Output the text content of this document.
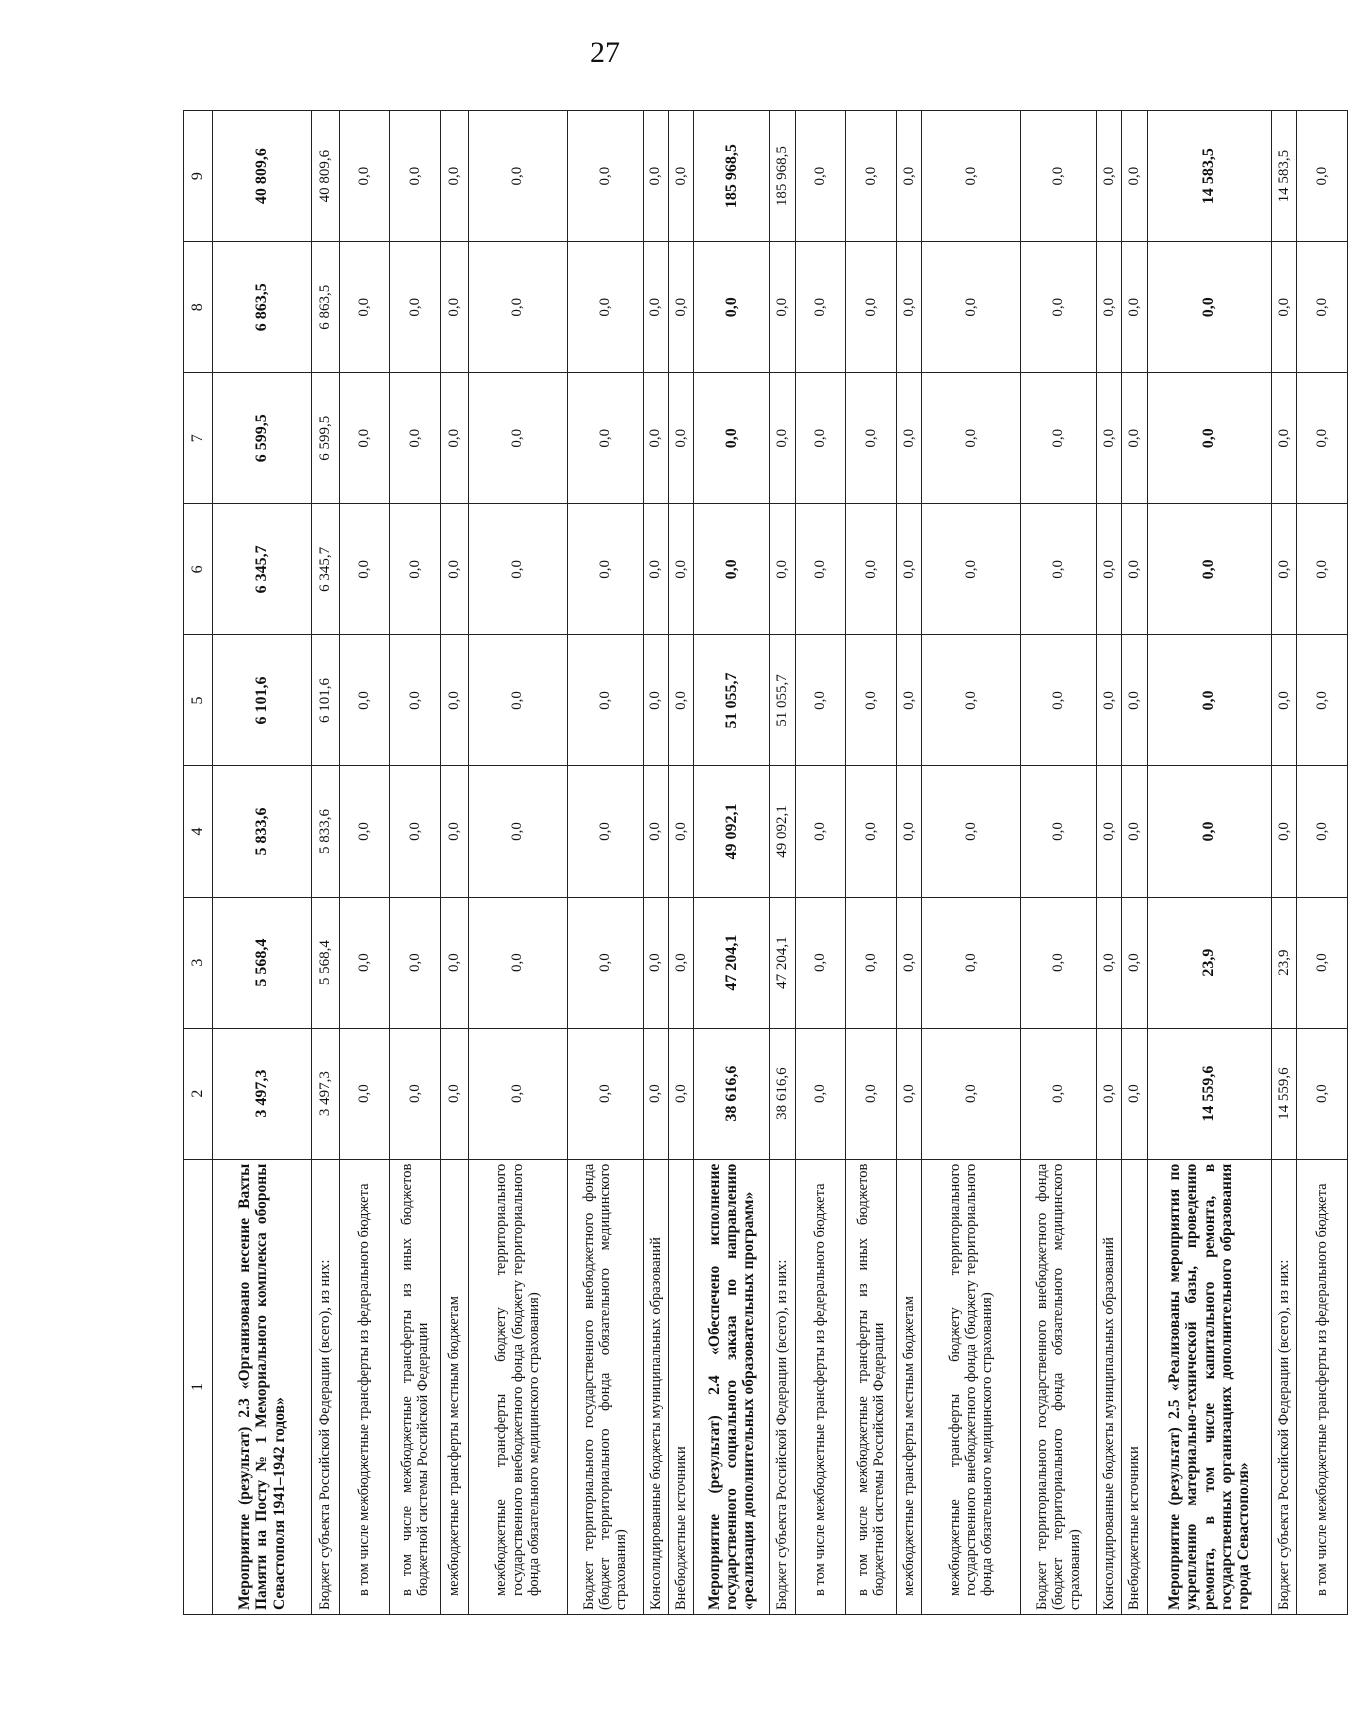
27
1	2	3	4	5	6	7	8	9
Мероприятие (результат) 2.3 «Организовано несение Вахты Памяти на Посту № 1 Мемориального комплекса обороны Севастополя 1941–1942 годов»	3 497,3	5 568,4	5 833,6	6 101,6	6 345,7	6 599,5	6 863,5	40 809,6
Бюджет субъекта Российской Федерации (всего), из них:	3 497,3	5 568,4	5 833,6	6 101,6	6 345,7	6 599,5	6 863,5	40 809,6
в том числе межбюджетные трансферты из федерального бюджета	0,0	0,0	0,0	0,0	0,0	0,0	0,0	0,0
в том числе межбюджетные трансферты из иных бюджетов бюджетной системы Российской Федерации	0,0	0,0	0,0	0,0	0,0	0,0	0,0	0,0
межбюджетные трансферты местным бюджетам	0,0	0,0	0,0	0,0	0,0	0,0	0,0	0,0
межбюджетные трансферты бюджету территориального государственного внебюджетного фонда (бюджету территориального фонда обязательного медицинского страхования)	0,0	0,0	0,0	0,0	0,0	0,0	0,0	0,0
Бюджет территориального государственного внебюджетного фонда (бюджет территориального фонда обязательного медицинского страхования)	0,0	0,0	0,0	0,0	0,0	0,0	0,0	0,0
Консолидированные бюджеты муниципальных образований	0,0	0,0	0,0	0,0	0,0	0,0	0,0	0,0
Внебюджетные источники	0,0	0,0	0,0	0,0	0,0	0,0	0,0	0,0
Мероприятие (результат) 2.4 «Обеспечено исполнение государственного социального заказа по направлению «реализация дополнительных образовательных программ»	38 616,6	47 204,1	49 092,1	51 055,7	0,0	0,0	0,0	185 968,5
Бюджет субъекта Российской Федерации (всего), из них:	38 616,6	47 204,1	49 092,1	51 055,7	0,0	0,0	0,0	185 968,5
в том числе межбюджетные трансферты из федерального бюджета	0,0	0,0	0,0	0,0	0,0	0,0	0,0	0,0
в том числе межбюджетные трансферты из иных бюджетов бюджетной системы Российской Федерации	0,0	0,0	0,0	0,0	0,0	0,0	0,0	0,0
межбюджетные трансферты местным бюджетам	0,0	0,0	0,0	0,0	0,0	0,0	0,0	0,0
межбюджетные трансферты бюджету территориального государственного внебюджетного фонда (бюджету территориального фонда обязательного медицинского страхования)	0,0	0,0	0,0	0,0	0,0	0,0	0,0	0,0
Бюджет территориального государственного внебюджетного фонда (бюджет территориального фонда обязательного медицинского страхования)	0,0	0,0	0,0	0,0	0,0	0,0	0,0	0,0
Консолидированные бюджеты муниципальных образований	0,0	0,0	0,0	0,0	0,0	0,0	0,0	0,0
Внебюджетные источники	0,0	0,0	0,0	0,0	0,0	0,0	0,0	0,0
Мероприятие (результат) 2.5 «Реализованы мероприятия по укреплению материально-технической базы, проведению ремонта, в том числе капитального ремонта, в государственных организациях дополнительного образования города Севастополя»	14 559,6	23,9	0,0	0,0	0,0	0,0	0,0	14 583,5
Бюджет субъекта Российской Федерации (всего), из них:	14 559,6	23,9	0,0	0,0	0,0	0,0	0,0	14 583,5
в том числе межбюджетные трансферты из федерального бюджета	0,0	0,0	0,0	0,0	0,0	0,0	0,0	0,0
